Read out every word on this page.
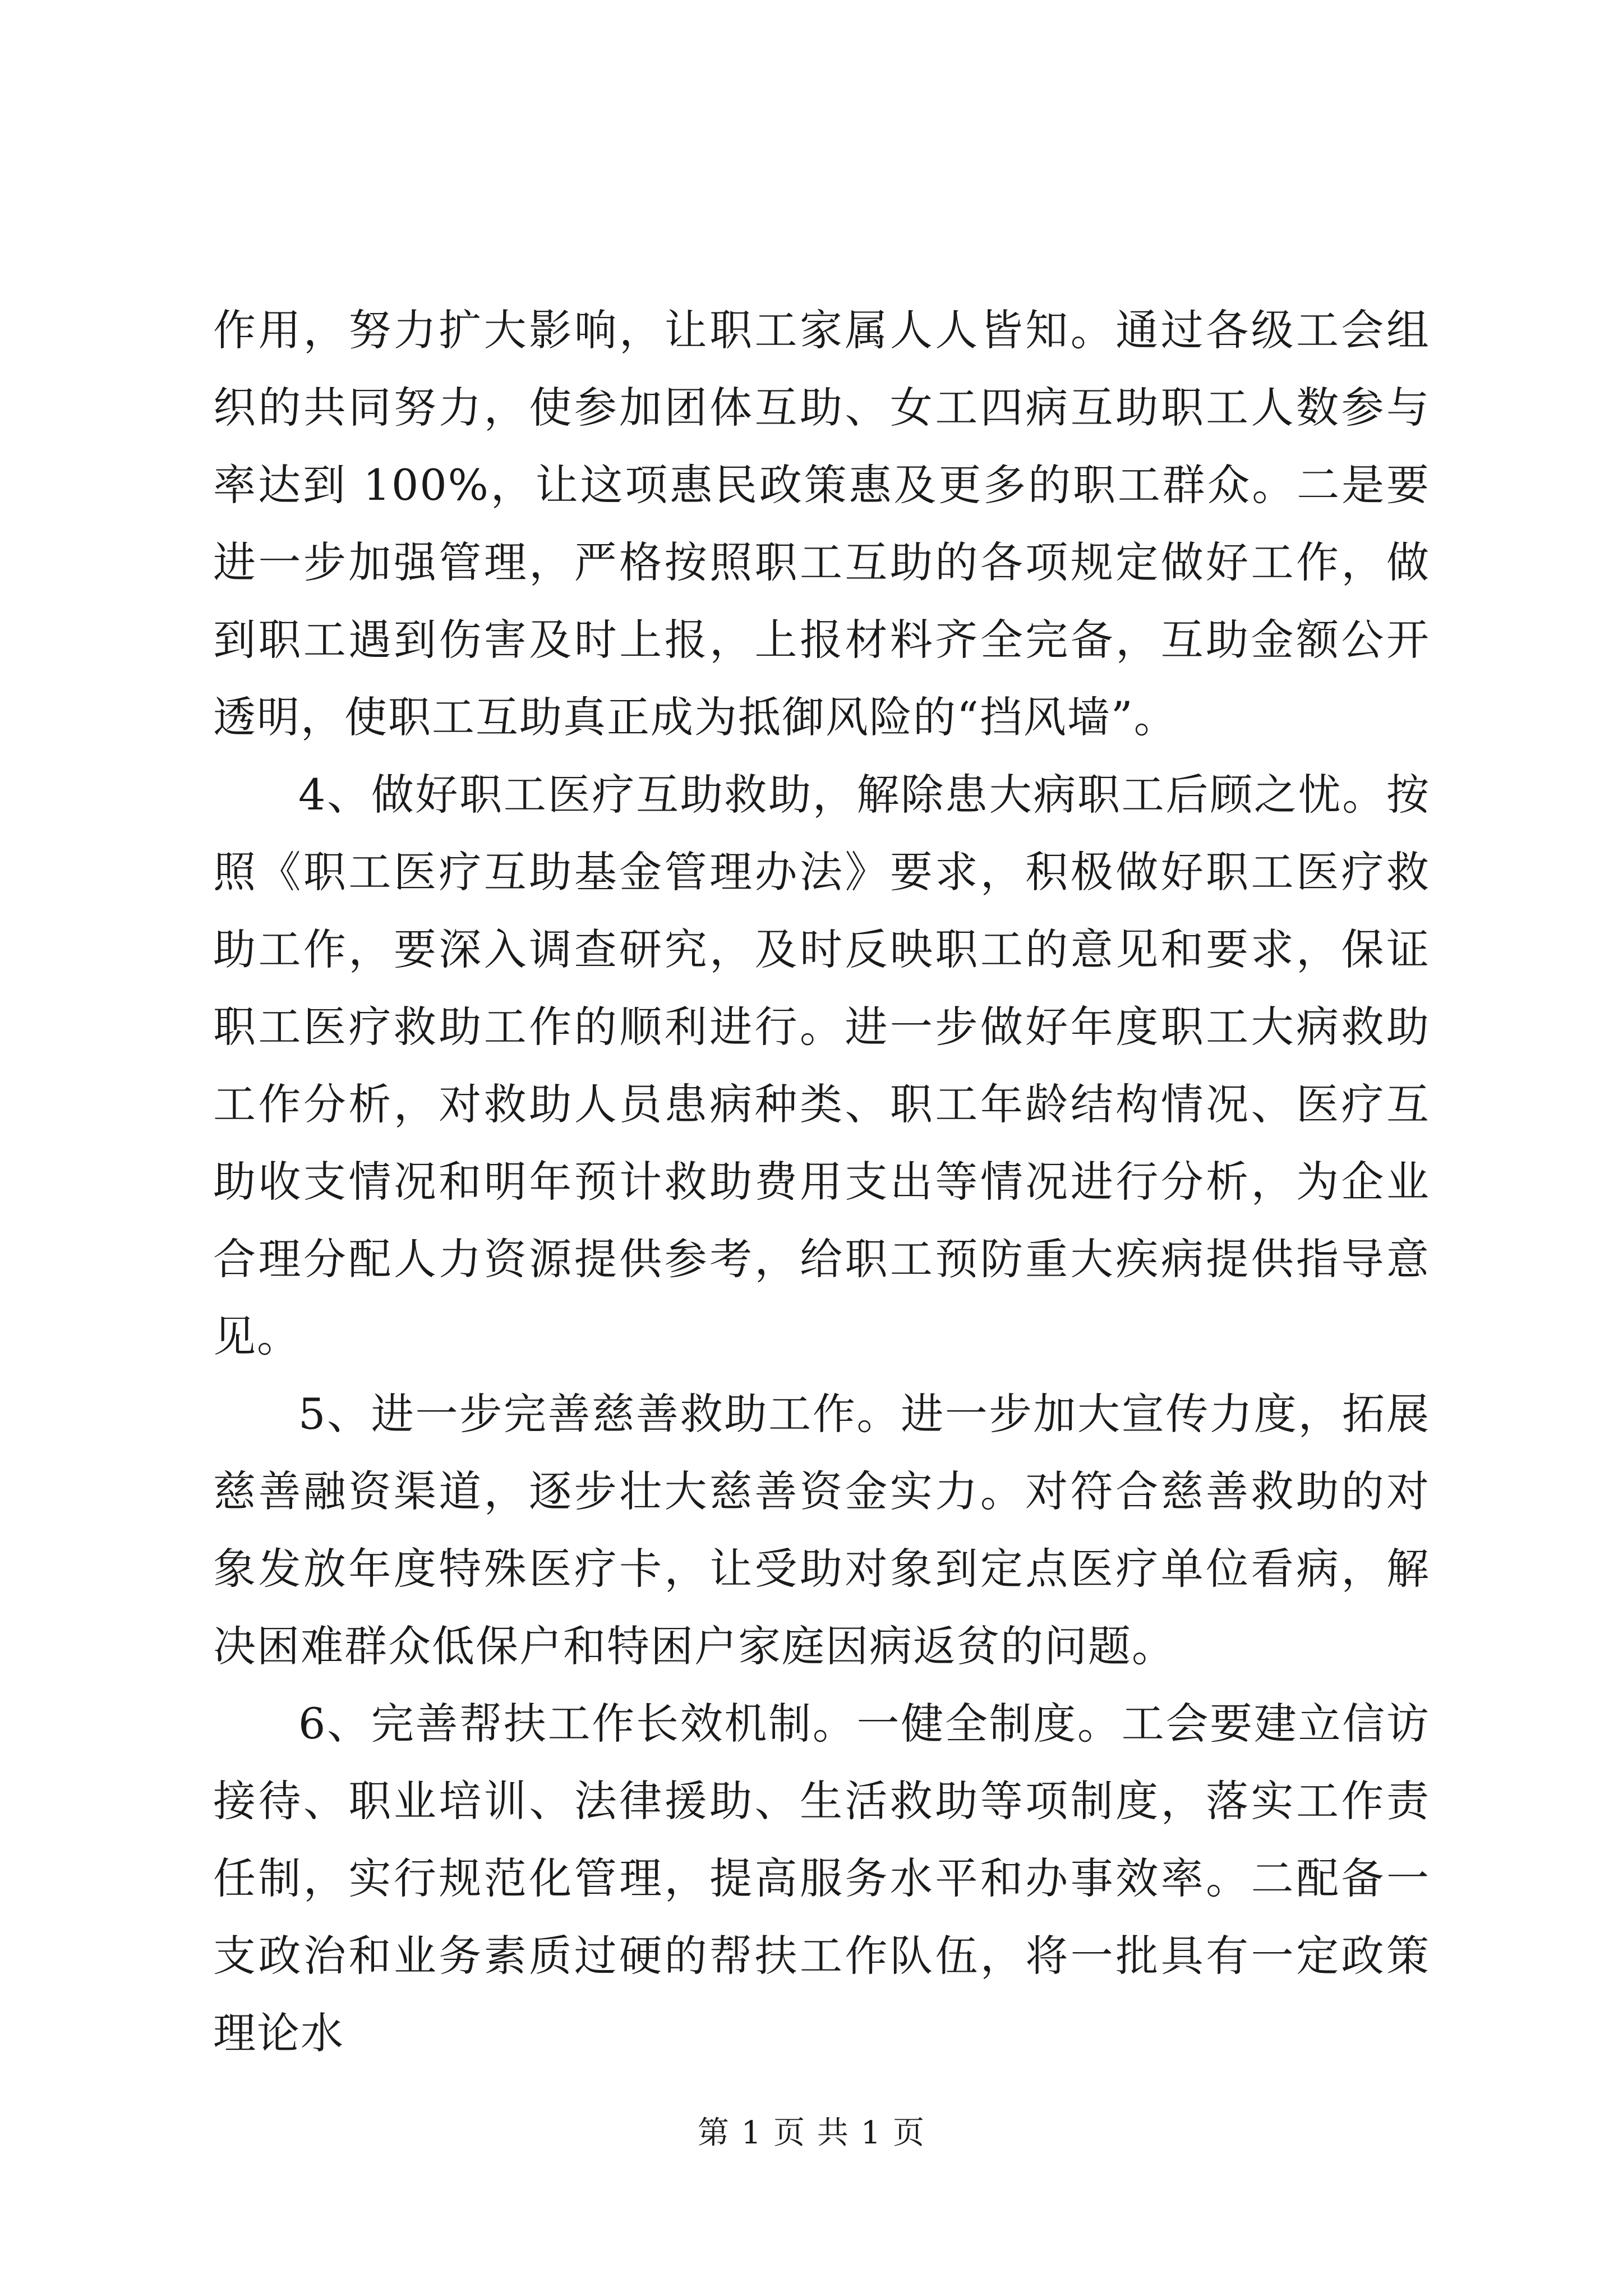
作用，努力扩大影响，让职工家属人人皆知。通过各级工会组织的共同努力，使参加团体互助、女工四病互助职工人数参与率达到 100%，让这项惠民政策惠及更多的职工群众。二是要进一步加强管理，严格按照职工互助的各项规定做好工作，做到职工遇到伤害及时上报，上报材料齐全完备，互助金额公开透明，使职工互助真正成为抵御风险的“挡风墙”。

4、做好职工医疗互助救助，解除患大病职工后顾之忧。按照《职工医疗互助基金管理办法》要求，积极做好职工医疗救助工作，要深入调查研究，及时反映职工的意见和要求，保证职工医疗救助工作的顺利进行。进一步做好年度职工大病救助工作分析，对救助人员患病种类、职工年龄结构情况、医疗互助收支情况和明年预计救助费用支出等情况进行分析，为企业合理分配人力资源提供参考，给职工预防重大疾病提供指导意见。

5、进一步完善慈善救助工作。进一步加大宣传力度，拓展慈善融资渠道，逐步壮大慈善资金实力。对符合慈善救助的对象发放年度特殊医疗卡，让受助对象到定点医疗单位看病，解决困难群众低保户和特困户家庭因病返贫的问题。

6、完善帮扶工作长效机制。一健全制度。工会要建立信访接待、职业培训、法律援助、生活救助等项制度，落实工作责任制，实行规范化管理，提高服务水平和办事效率。二配备一支政治和业务素质过硬的帮扶工作队伍，将一批具有一定政策理论水

第 1 页 共 1 页
